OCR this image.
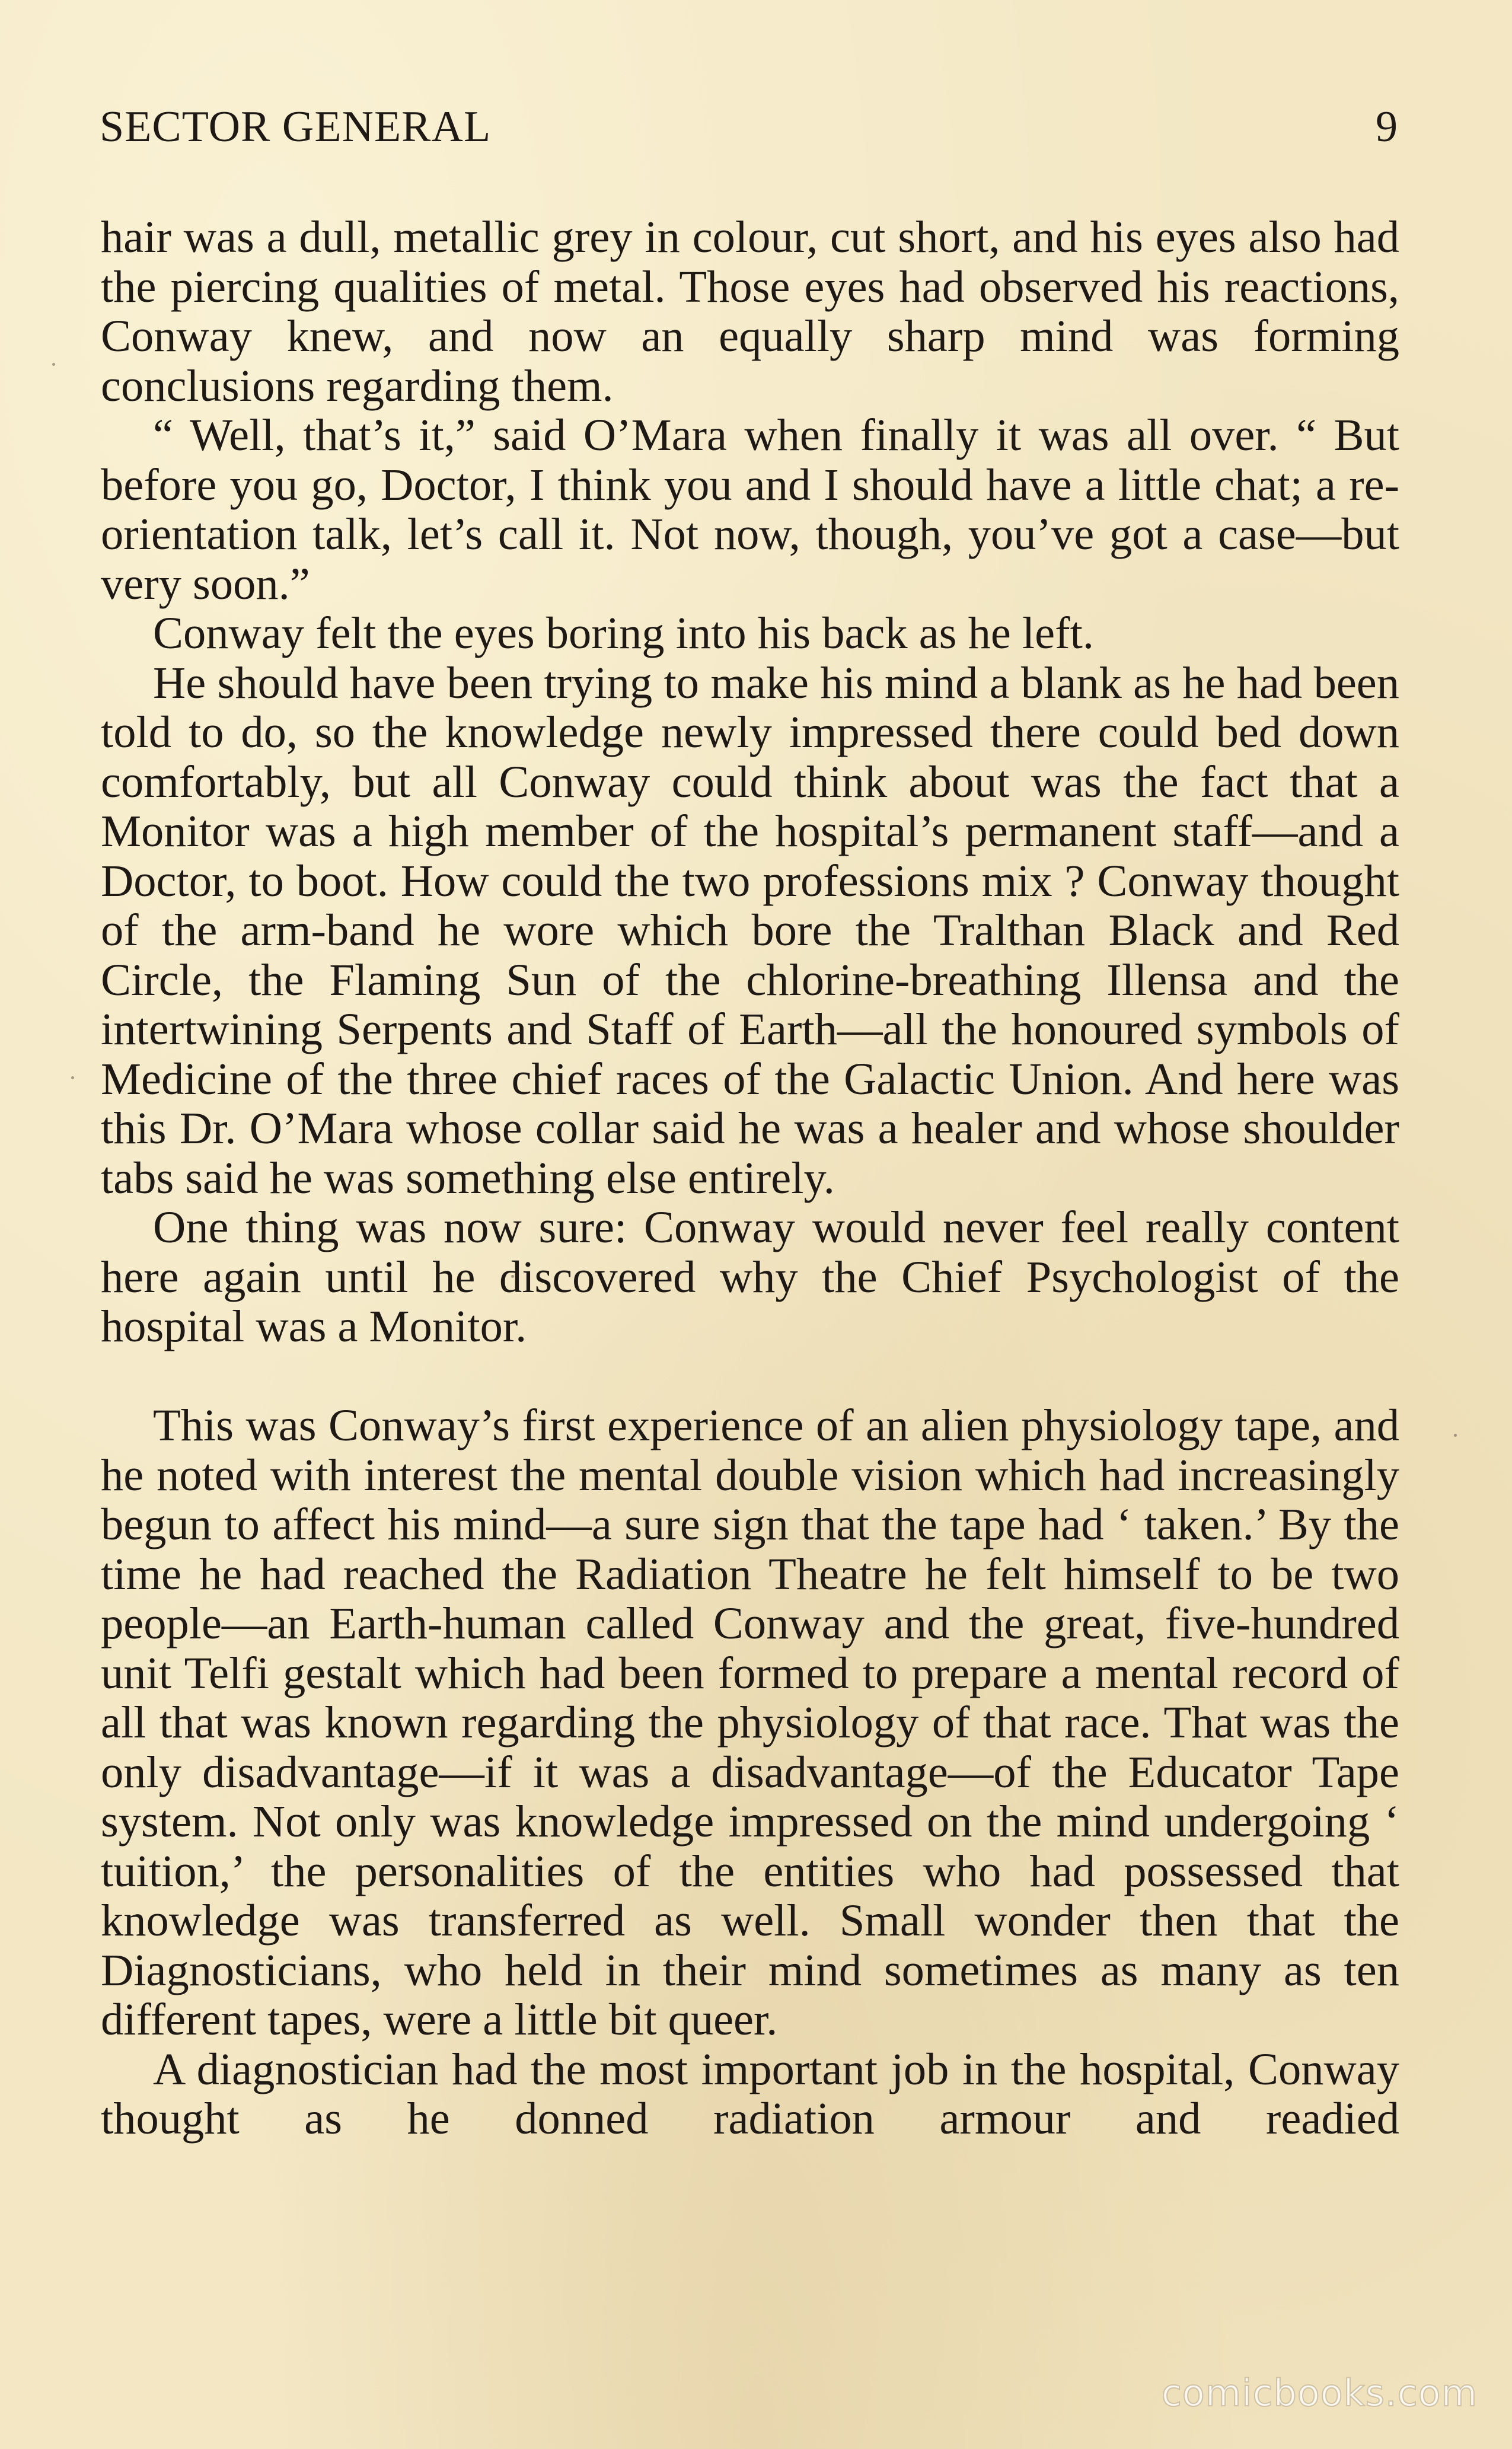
SECTOR GENERAL	9

hair was a dull, metallic grey in colour, cut short, and his eyes also had the piercing qualities of metal. Those eyes had observed his reactions, Conway knew, and now an equally sharp mind was forming conclusions regarding them.

“ Well, that’s it,” said O’Mara when finally it was all over. “ But before you go, Doctor, I think you and I should have a little chat; a re-orientation talk, let’s call it. Not now, though, you’ve got a case—but very soon.”

Conway felt the eyes boring into his back as he left.

He should have been trying to make his mind a blank as he had been told to do, so the knowledge newly impressed there could bed down comfortably, but all Conway could think about was the fact that a Monitor was a high member of the hospital’s permanent staff—and a Doctor, to boot. How could the two professions mix ? Conway thought of the arm-band he wore which bore the Tralthan Black and Red Circle, the Flaming Sun of the chlorine-breathing Illensa and the intertwining Serpents and Staff of Earth—all the honoured symbols of Medicine of the three chief races of the Galactic Union. And here was this Dr. O’Mara whose collar said he was a healer and whose shoulder tabs said he was something else entirely.

One thing was now sure: Conway would never feel really content here again until he discovered why the Chief Psychologist of the hospital was a Monitor.

This was Conway’s first experience of an alien physiology tape, and he noted with interest the mental double vision which had increasingly begun to affect his mind—a sure sign that the tape had ‘ taken.’ By the time he had reached the Radiation Theatre he felt himself to be two people—an Earth-human called Conway and the great, five-hundred unit Telfi gestalt which had been formed to prepare a mental record of all that was known regarding the physiology of that race. That was the only disadvantage—if it was a disadvantage—of the Educator Tape system. Not only was knowledge impressed on the mind undergoing ‘ tuition,’ the personalities of the entities who had possessed that knowledge was transferred as well. Small wonder then that the Diagnosticians, who held in their mind sometimes as many as ten different tapes, were a little bit queer.

A diagnostician had the most important job in the hospital, Conway thought as he donned radiation armour and readied

comicbooks.com
